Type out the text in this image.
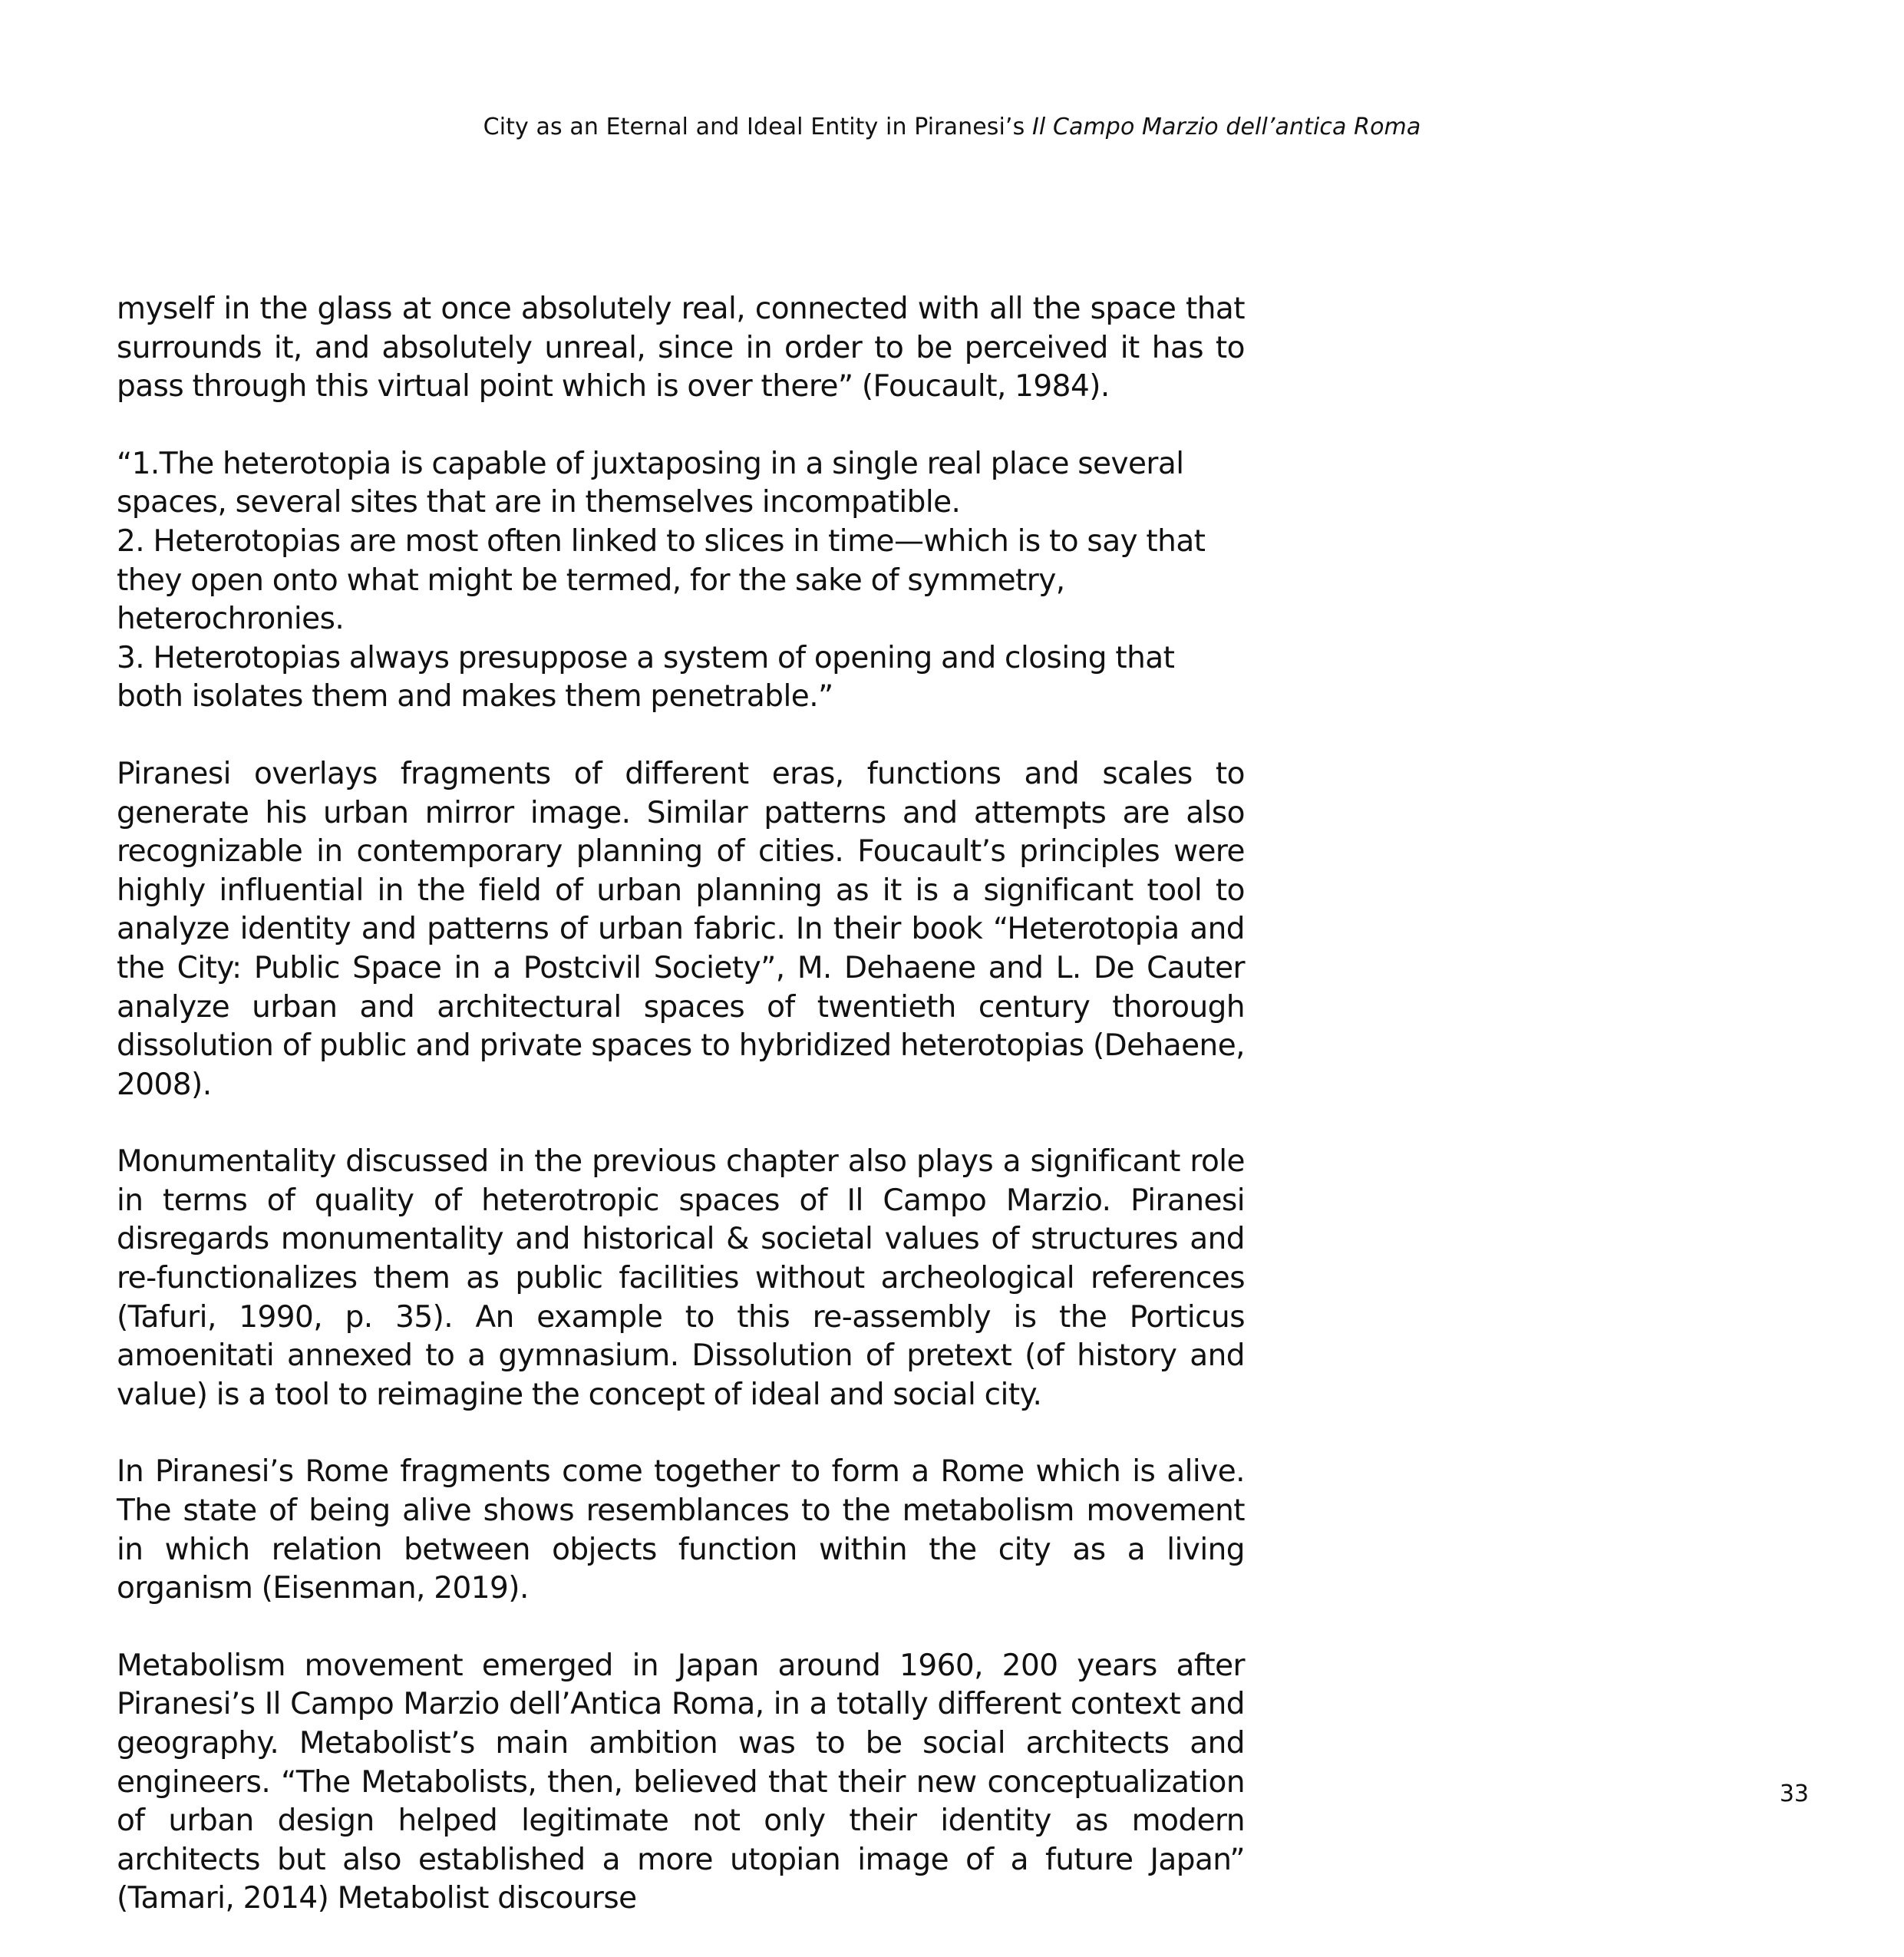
City as an Eternal and Ideal Entity in Piranesi’s Il Campo Marzio dell’antica Roma

myself in the glass at once absolutely real, connected with all the space that surrounds it, and absolutely unreal, since in order to be perceived it has to pass through this virtual point which is over there” (Foucault, 1984).

“1.The heterotopia is capable of juxtaposing in a single real place several spaces, several sites that are in themselves incompatible.
2. Heterotopias are most often linked to slices in time—which is to say that they open onto what might be termed, for the sake of symmetry, heterochronies.
3. Heterotopias always presuppose a system of opening and closing that both isolates them and makes them penetrable.”

Piranesi overlays fragments of different eras, functions and scales to generate his urban mirror image. Similar patterns and attempts are also recognizable in contemporary planning of cities. Foucault’s principles were highly influential in the field of urban planning as it is a significant tool to analyze identity and patterns of urban fabric. In their book “Heterotopia and the City: Public Space in a Postcivil Society”, M. Dehaene and L. De Cauter analyze urban and architectural spaces of twentieth century thorough dissolution of public and private spaces to hybridized heterotopias (Dehaene, 2008).

Monumentality discussed in the previous chapter also plays a significant role in terms of quality of heterotropic spaces of Il Campo Marzio. Piranesi disregards monumentality and historical & societal values of structures and re-functionalizes them as public facilities without archeological references (Tafuri, 1990, p. 35). An example to this re-assembly is the Porticus amoenitati annexed to a gymnasium. Dissolution of pretext (of history and value) is a tool to reimagine the concept of ideal and social city.

In Piranesi’s Rome fragments come together to form a Rome which is alive. The state of being alive shows resemblances to the metabolism movement in which relation between objects function within the city as a living organism (Eisenman, 2019).

Metabolism movement emerged in Japan around 1960, 200 years after Piranesi’s Il Campo Marzio dell’Antica Roma, in a totally different context and geography. Metabolist’s main ambition was to be social architects and engineers. “The Metabolists, then, believed that their new conceptualization of urban design helped legitimate not only their identity as modern architects but also established a more utopian image of a future Japan” (Tamari, 2014) Metabolist discourse

33
